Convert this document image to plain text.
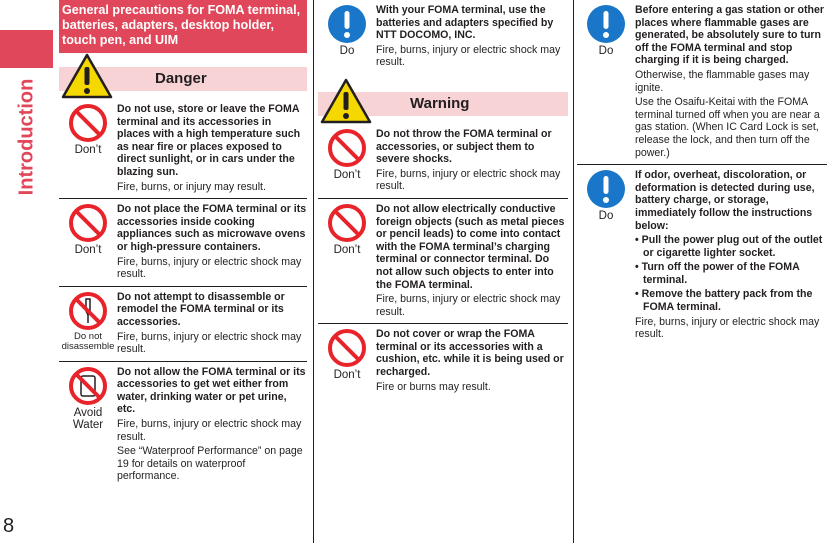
Introduction
8
General precautions for FOMA terminal, batteries, adapters, desktop holder, touch pen, and UIM
Danger
Don’t

Do not use, store or leave the FOMA terminal and its accessories in places with a high temperature such as near fire or places exposed to direct sunlight, or in cars under the blazing sun.

Fire, burns, or injury may result.

Don’t

Do not place the FOMA terminal or its accessories inside cooking appliances such as microwave ovens or high-pressure containers.

Fire, burns, injury or electric shock may result.

Do not disassemble

Do not attempt to disassemble or remodel the FOMA terminal or its accessories.

Fire, burns, injury or electric shock may result.

Avoid Water

Do not allow the FOMA terminal or its accessories to get wet either from water, drinking water or pet urine, etc.

Fire, burns, injury or electric shock may result.

See “Waterproof Performance” on page 19 for details on waterproof performance.

Do

With your FOMA terminal, use the batteries and adapters specified by NTT DOCOMO, INC.

Fire, burns, injury or electric shock may result.

Warning
Don’t

Do not throw the FOMA terminal or accessories, or subject them to severe shocks.

Fire, burns, injury or electric shock may result.

Don’t

Do not allow electrically conductive foreign objects (such as metal pieces or pencil leads) to come into contact with the FOMA terminal’s charging terminal or connector terminal. Do not allow such objects to enter into the FOMA terminal.

Fire, burns, injury or electric shock may result.

Don’t

Do not cover or wrap the FOMA terminal or its accessories with a cushion, etc. while it is being used or recharged.

Fire or burns may result.

Do

Before entering a gas station or other places where flammable gases are generated, be absolutely sure to turn off the FOMA terminal and stop charging if it is being charged.

Otherwise, the flammable gases may ignite.

Use the Osaifu-Keitai with the FOMA terminal turned off when you are near a gas station. (When IC Card Lock is set, release the lock, and then turn off the power.)

Do

If odor, overheat, discoloration, or deformation is detected during use, battery charge, or storage, immediately follow the instructions below:

• Pull the power plug out of the outlet or cigarette lighter socket.

• Turn off the power of the FOMA terminal.

• Remove the battery pack from the FOMA terminal.

Fire, burns, injury or electric shock may result.
